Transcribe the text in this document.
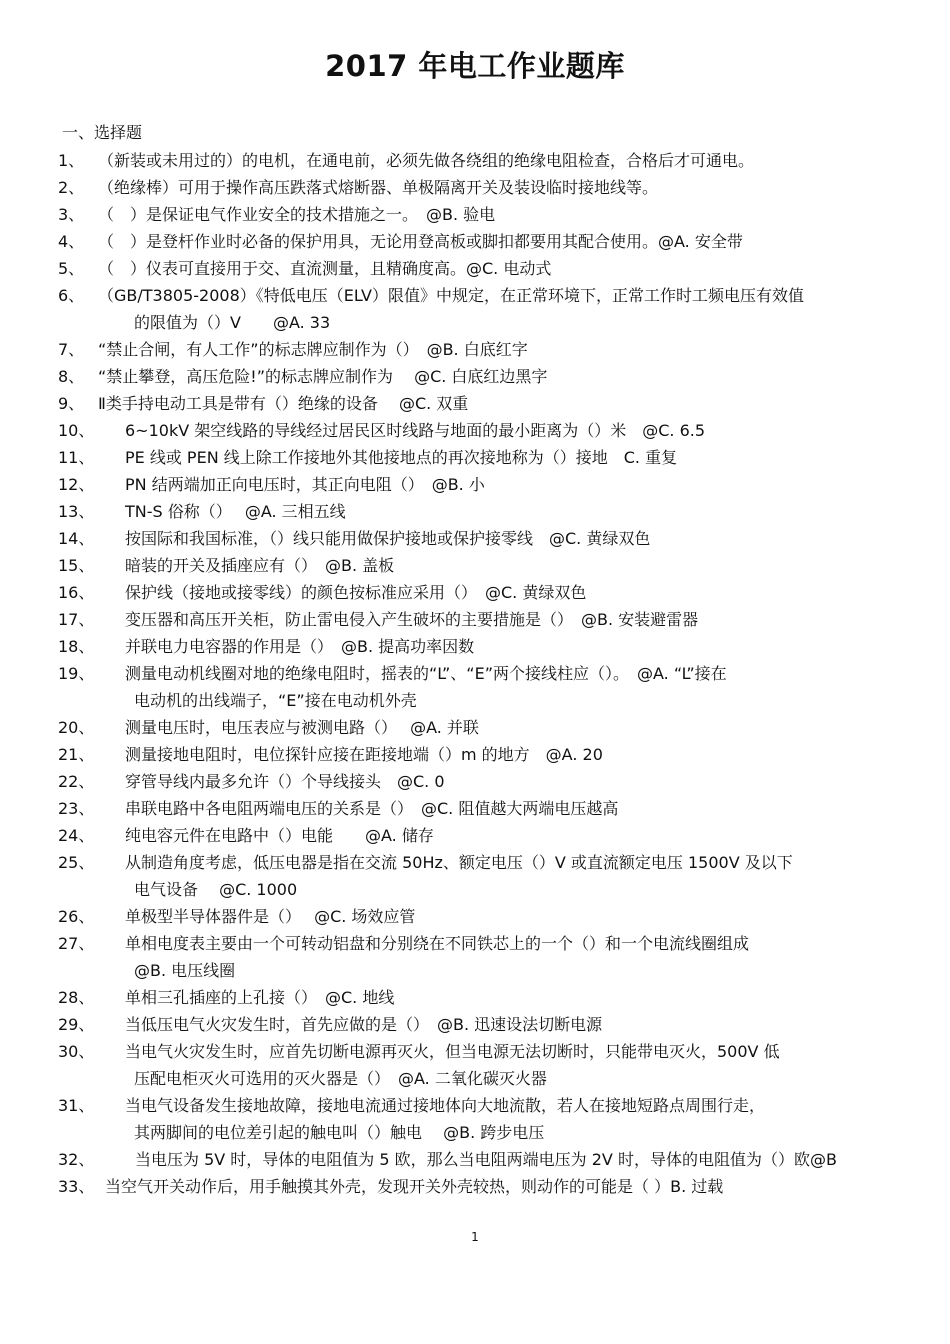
2017 年电工作业题库
一、选择题
1、 （新装或未用过的）的电机，在通电前，必须先做各绕组的绝缘电阻检查，合格后才可通电。
2、 （绝缘棒）可用于操作高压跌落式熔断器、单极隔离开关及装设临时接地线等。
3、 （　）是保证电气作业安全的技术措施之一。　@B. 验电
4、 （　）是登杆作业时必备的保护用具，无论用登高板或脚扣都要用其配合使用。@A. 安全带
5、 （　）仪表可直接用于交、直流测量，且精确度高。@C. 电动式
6、 （GB/T3805-2008）《特低电压（ELV）限值》中规定，在正常环境下，正常工作时工频电压有效值
的限值为（）V　　@A. 33
7、 “禁止合闸，有人工作”的标志牌应制作为（）　@B. 白底红字
8、 “禁止攀登，高压危险!”的标志牌应制作为　 @C. 白底红边黑字
9、 Ⅱ类手持电动工具是带有（）绝缘的设备　 @C. 双重
10、	6~10kV 架空线路的导线经过居民区时线路与地面的最小距离为（）米　@C. 6.5
11、	PE 线或 PEN 线上除工作接地外其他接地点的再次接地称为（）接地　C. 重复
12、	PN 结两端加正向电压时，其正向电阻（）　@B. 小
13、	TN-S 俗称（）　 @A. 三相五线
14、	按国际和我国标准，（）线只能用做保护接地或保护接零线　@C. 黄绿双色
15、	暗装的开关及插座应有（）　@B. 盖板
16、	保护线（接地或接零线）的颜色按标准应采用（）　@C. 黄绿双色
17、	变压器和高压开关柜，防止雷电侵入产生破坏的主要措施是（）　@B. 安装避雷器
18、	并联电力电容器的作用是（）　@B. 提高功率因数
19、	测量电动机线圈对地的绝缘电阻时，摇表的“L”、“E”两个接线柱应（）。　@A. “L”接在
电动机的出线端子，“E”接在电动机外壳
20、	测量电压时，电压表应与被测电路（）　 @A. 并联
21、	测量接地电阻时，电位探针应接在距接地端（）m 的地方　@A. 20
22、	穿管导线内最多允许（）个导线接头　@C. 0
23、	串联电路中各电阻两端电压的关系是（）　@C. 阻值越大两端电压越高
24、	纯电容元件在电路中（）电能　　@A. 储存
25、	从制造角度考虑，低压电器是指在交流 50Hz、额定电压（）V 或直流额定电压 1500V 及以下
电气设备　 @C. 1000
26、	单极型半导体器件是（）　 @C. 场效应管
27、	单相电度表主要由一个可转动铝盘和分别绕在不同铁芯上的一个（）和一个电流线圈组成
@B. 电压线圈
28、	单相三孔插座的上孔接（）　@C. 地线
29、	当低压电气火灾发生时，首先应做的是（）　@B. 迅速设法切断电源
30、	当电气火灾发生时，应首先切断电源再灭火，但当电源无法切断时，只能带电灭火，500V 低
压配电柜灭火可选用的灭火器是（）　@A. 二氧化碳灭火器
31、	当电气设备发生接地故障，接地电流通过接地体向大地流散，若人在接地短路点周围行走，
其两脚间的电位差引起的触电叫（）触电　 @B. 跨步电压
32、	当电压为 5V 时，导体的电阻值为 5 欧，那么当电阻两端电压为 2V 时，导体的电阻值为（）欧@B
33、 当空气开关动作后，用手触摸其外壳，发现开关外壳较热，则动作的可能是（ ）B. 过载
1
